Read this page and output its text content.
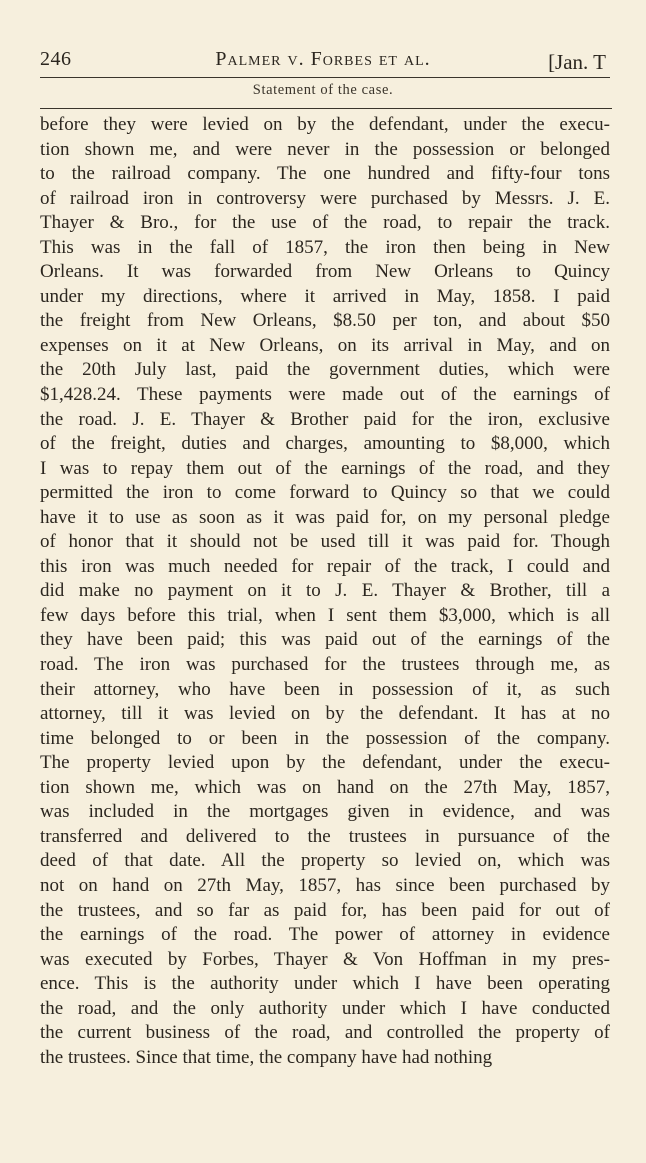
246	Palmer v. Forbes et al.	[Jan. T
Statement of the case.
before they were levied on by the defendant, under the execu-
tion shown me, and were never in the possession or belonged
to the railroad company. The one hundred and fifty-four tons
of railroad iron in controversy were purchased by Messrs. J. E.
Thayer & Bro., for the use of the road, to repair the track.
This was in the fall of 1857, the iron then being in New
Orleans. It was forwarded from New Orleans to Quincy
under my directions, where it arrived in May, 1858. I paid
the freight from New Orleans, $8.50 per ton, and about $50
expenses on it at New Orleans, on its arrival in May, and on
the 20th July last, paid the government duties, which were
$1,428.24. These payments were made out of the earnings of
the road. J. E. Thayer & Brother paid for the iron, exclusive
of the freight, duties and charges, amounting to $8,000, which
I was to repay them out of the earnings of the road, and they
permitted the iron to come forward to Quincy so that we could
have it to use as soon as it was paid for, on my personal pledge
of honor that it should not be used till it was paid for. Though
this iron was much needed for repair of the track, I could and
did make no payment on it to J. E. Thayer & Brother, till a
few days before this trial, when I sent them $3,000, which is all
they have been paid; this was paid out of the earnings of the
road. The iron was purchased for the trustees through me, as
their attorney, who have been in possession of it, as such
attorney, till it was levied on by the defendant. It has at no
time belonged to or been in the possession of the company.
The property levied upon by the defendant, under the execu-
tion shown me, which was on hand on the 27th May, 1857,
was included in the mortgages given in evidence, and was
transferred and delivered to the trustees in pursuance of the
deed of that date. All the property so levied on, which was
not on hand on 27th May, 1857, has since been purchased by
the trustees, and so far as paid for, has been paid for out of
the earnings of the road. The power of attorney in evidence
was executed by Forbes, Thayer & Von Hoffman in my pres-
ence. This is the authority under which I have been operating
the road, and the only authority under which I have conducted
the current business of the road, and controlled the property of
the trustees. Since that time, the company have had nothing
